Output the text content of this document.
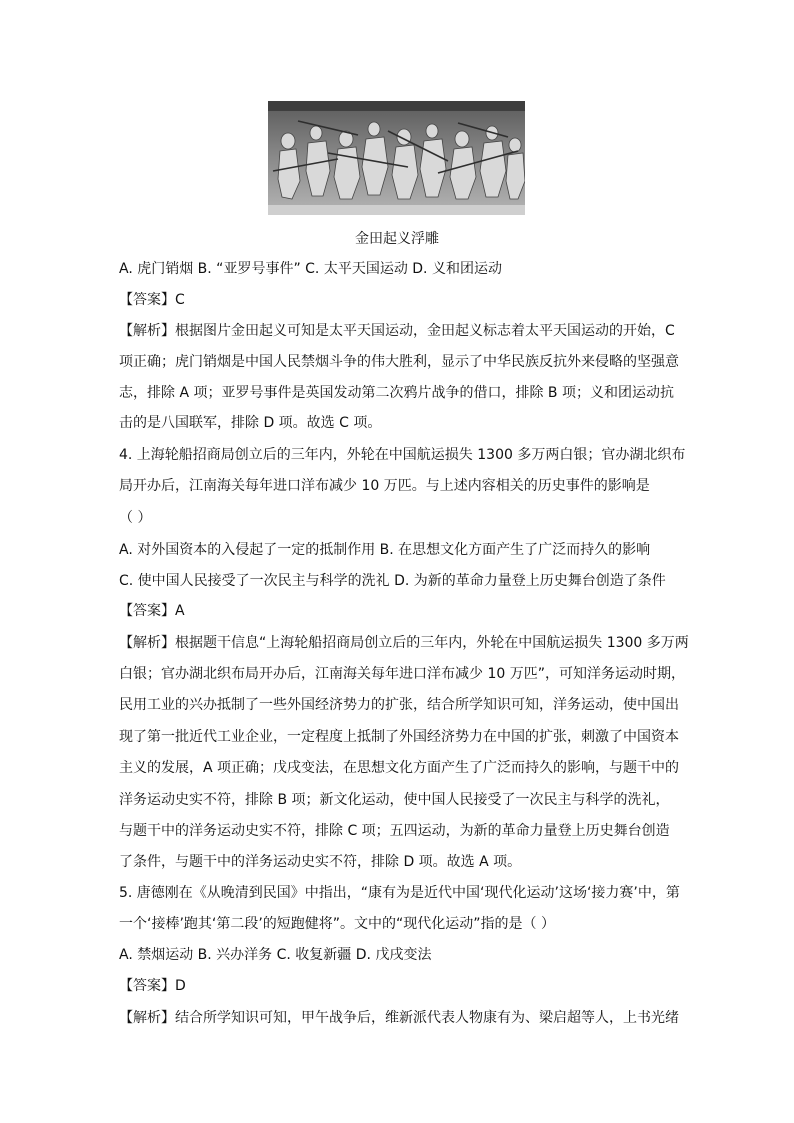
金田起义浮雕
A. 虎门销烟 B. “亚罗号事件” C. 太平天国运动 D. 义和团运动
【答案】C
【解析】根据图片金田起义可知是太平天国运动，金田起义标志着太平天国运动的开始，C
项正确；虎门销烟是中国人民禁烟斗争的伟大胜利，显示了中华民族反抗外来侵略的坚强意
志，排除 A 项；亚罗号事件是英国发动第二次鸦片战争的借口，排除 B 项；义和团运动抗
击的是八国联军，排除 D 项。故选 C 项。
4. 上海轮船招商局创立后的三年内，外轮在中国航运损失 1300 多万两白银；官办湖北织布
局开办后，江南海关每年进口洋布减少 10 万匹。与上述内容相关的历史事件的影响是
（ ）
A. 对外国资本的入侵起了一定的抵制作用 B. 在思想文化方面产生了广泛而持久的影响
C. 使中国人民接受了一次民主与科学的洗礼 D. 为新的革命力量登上历史舞台创造了条件
【答案】A
【解析】根据题干信息“上海轮船招商局创立后的三年内，外轮在中国航运损失 1300 多万两
白银；官办湖北织布局开办后，江南海关每年进口洋布减少 10 万匹”，可知洋务运动时期，
民用工业的兴办抵制了一些外国经济势力的扩张，结合所学知识可知，洋务运动，使中国出
现了第一批近代工业企业，一定程度上抵制了外国经济势力在中国的扩张，刺激了中国资本
主义的发展，A 项正确；戊戌变法，在思想文化方面产生了广泛而持久的影响，与题干中的
洋务运动史实不符，排除 B 项；新文化运动，使中国人民接受了一次民主与科学的洗礼，
与题干中的洋务运动史实不符，排除 C 项；五四运动，为新的革命力量登上历史舞台创造
了条件，与题干中的洋务运动史实不符，排除 D 项。故选 A 项。
5. 唐德刚在《从晚清到民国》中指出，“康有为是近代中国‘现代化运动’这场‘接力赛’中，第
一个‘接棒’跑其‘第二段’的短跑健将”。文中的“现代化运动”指的是（ ）
A. 禁烟运动 B. 兴办洋务 C. 收复新疆 D. 戊戌变法
【答案】D
【解析】结合所学知识可知，甲午战争后，维新派代表人物康有为、梁启超等人，上书光绪
